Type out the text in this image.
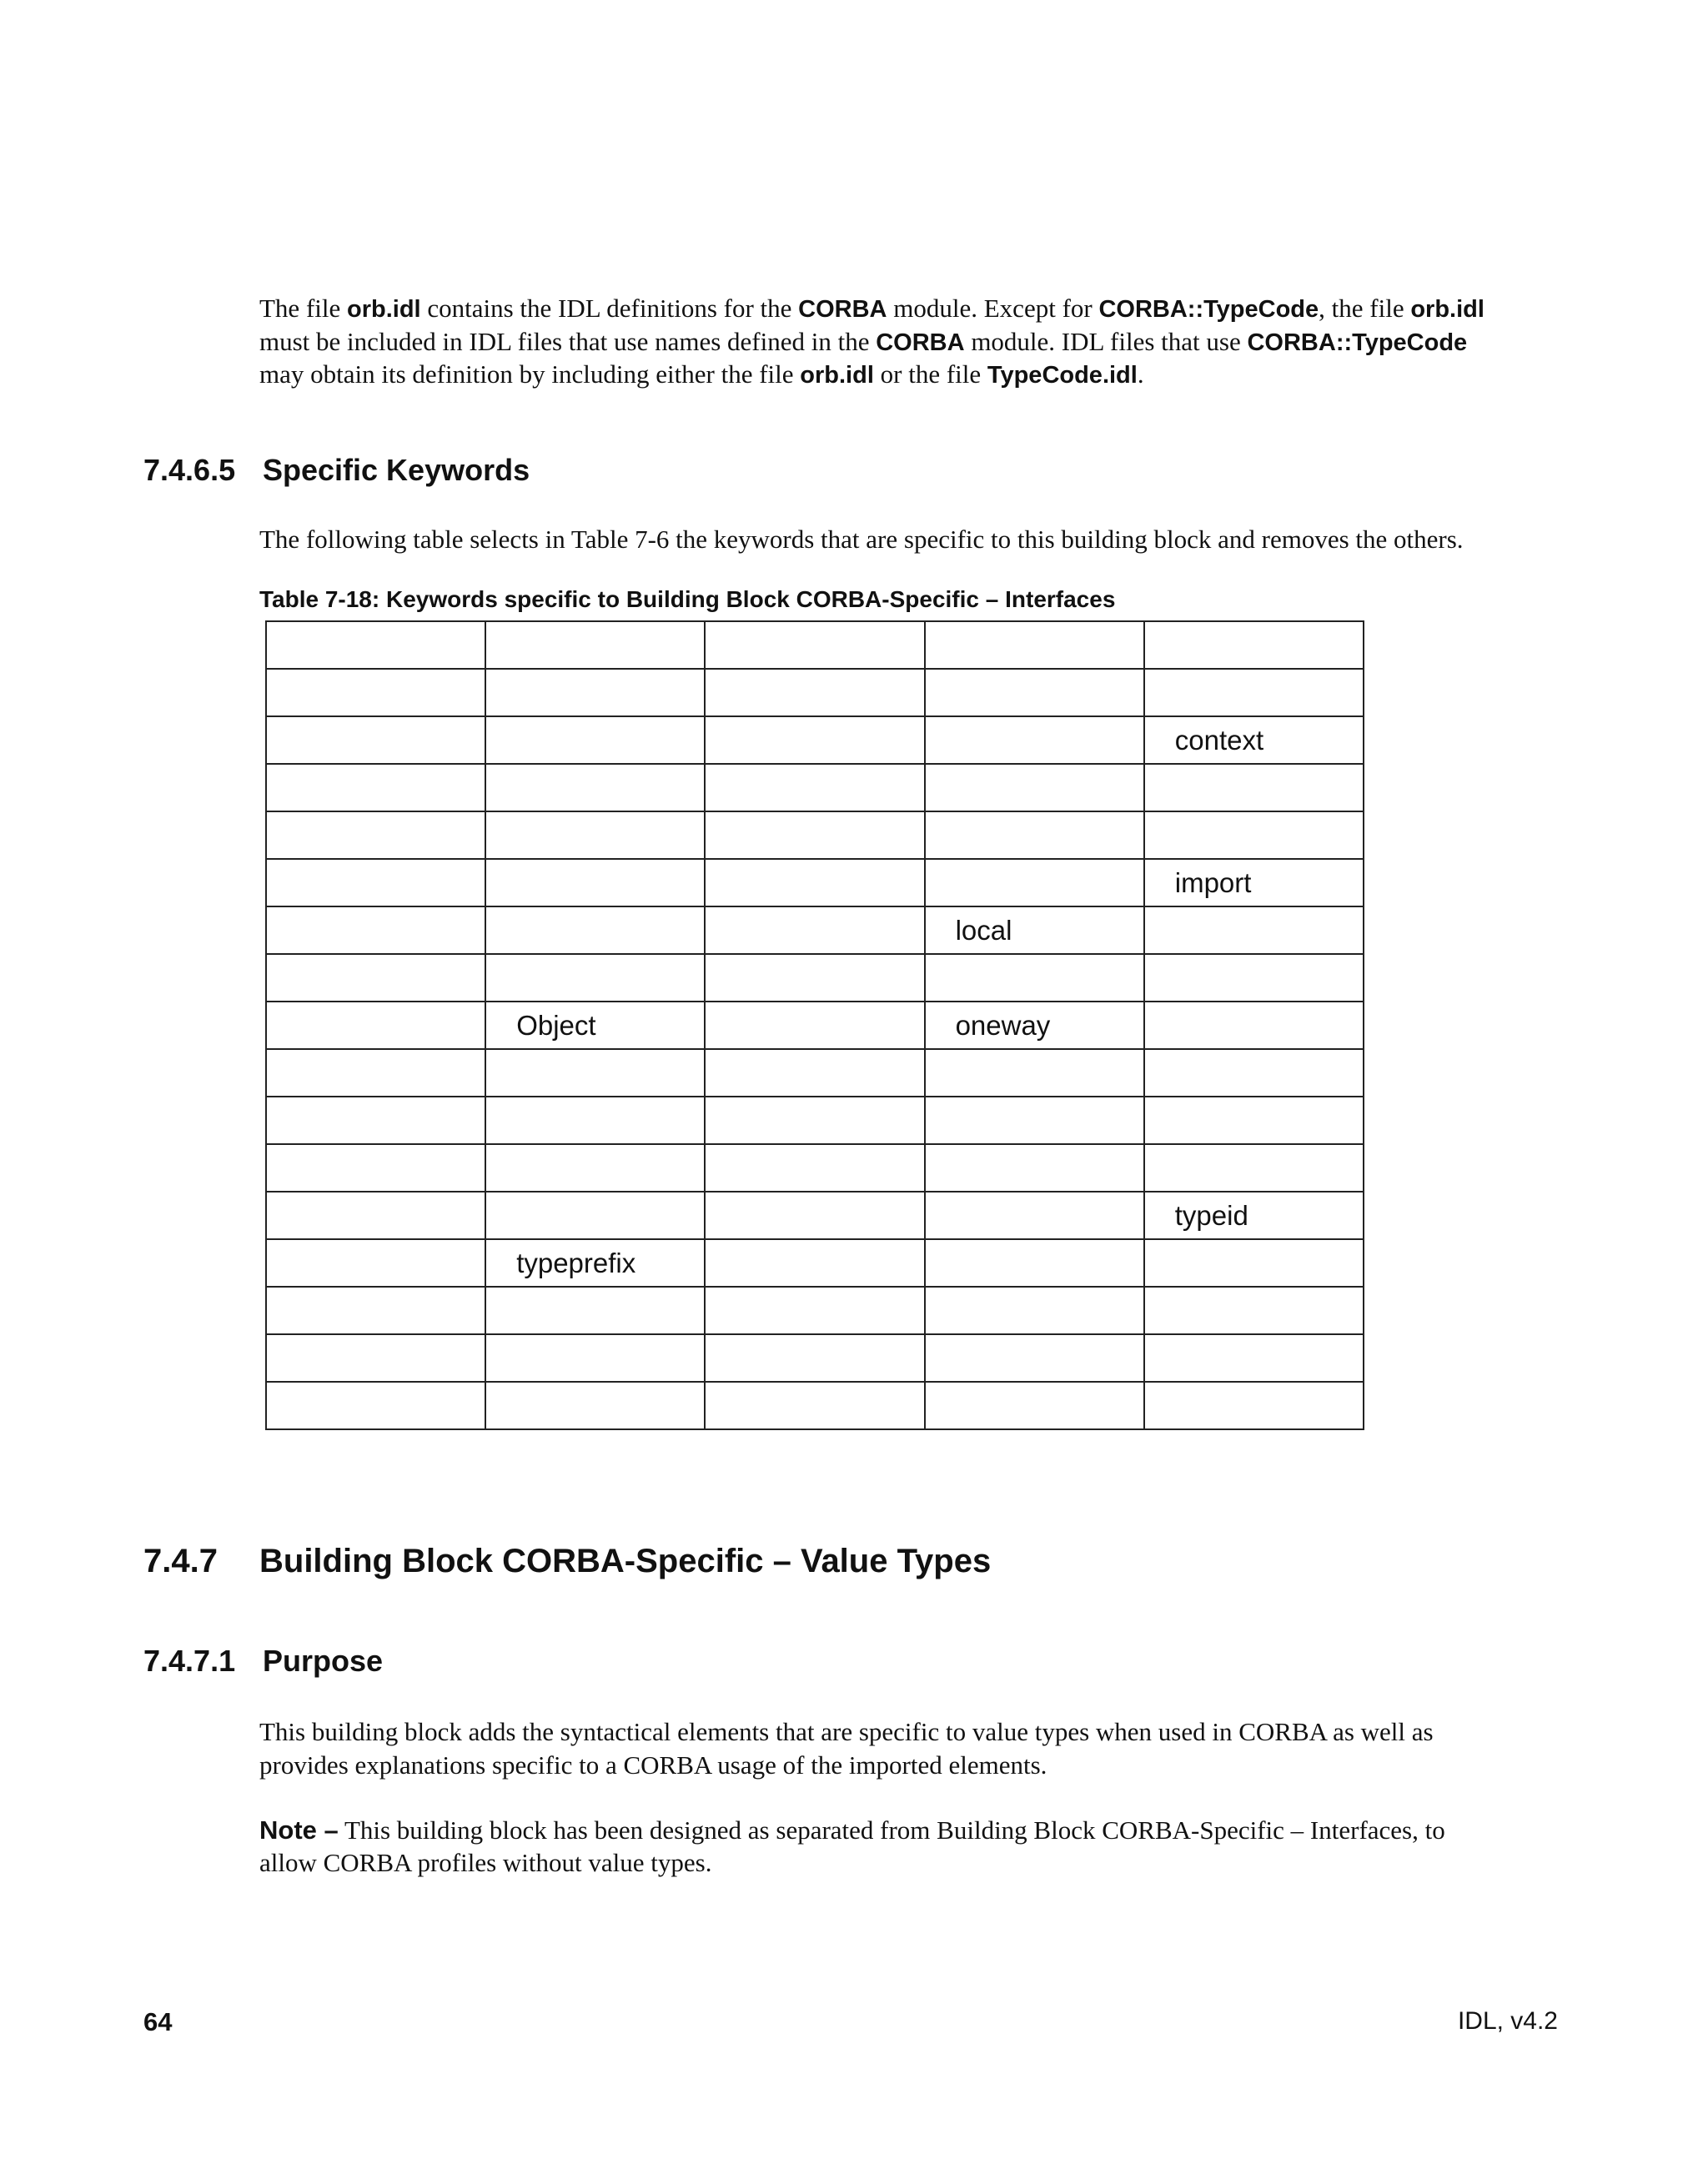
The file orb.idl contains the IDL definitions for the CORBA module. Except for CORBA::TypeCode, the file orb.idl
must be included in IDL files that use names defined in the CORBA module. IDL files that use CORBA::TypeCode
may obtain its definition by including either the file orb.idl or the file TypeCode.idl.
7.4.6.5 Specific Keywords
The following table selects in Table 7-6 the keywords that are specific to this building block and removes the others.
Table 7-18: Keywords specific to Building Block CORBA-Specific – Interfaces

				context

				import
			local	

	Object		oneway	

				typeid
	typeprefix			

7.4.7 Building Block CORBA-Specific – Value Types
7.4.7.1 Purpose
This building block adds the syntactical elements that are specific to value types when used in CORBA as well as
provides explanations specific to a CORBA usage of the imported elements.
Note – This building block has been designed as separated from Building Block CORBA-Specific – Interfaces, to
allow CORBA profiles without value types.
64	IDL, v4.2
